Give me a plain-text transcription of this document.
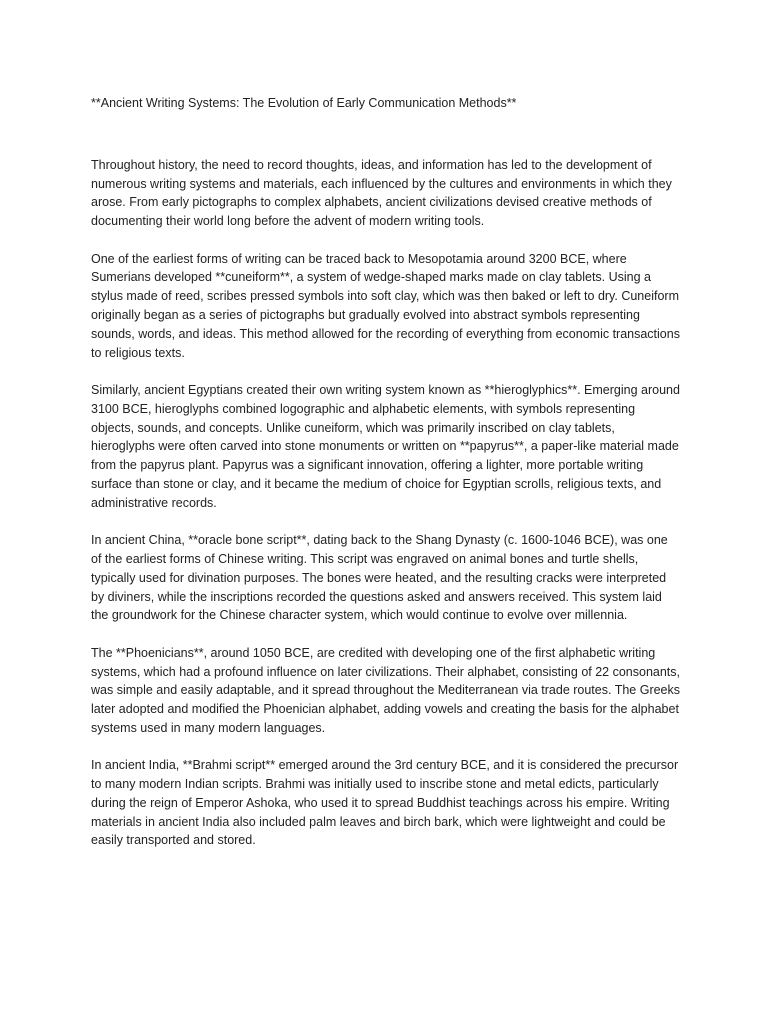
**Ancient Writing Systems: The Evolution of Early Communication Methods**

Throughout history, the need to record thoughts, ideas, and information has led to the development of numerous writing systems and materials, each influenced by the cultures and environments in which they arose. From early pictographs to complex alphabets, ancient civilizations devised creative methods of documenting their world long before the advent of modern writing tools.

One of the earliest forms of writing can be traced back to Mesopotamia around 3200 BCE, where Sumerians developed **cuneiform**, a system of wedge-shaped marks made on clay tablets. Using a stylus made of reed, scribes pressed symbols into soft clay, which was then baked or left to dry. Cuneiform originally began as a series of pictographs but gradually evolved into abstract symbols representing sounds, words, and ideas. This method allowed for the recording of everything from economic transactions to religious texts.

Similarly, ancient Egyptians created their own writing system known as **hieroglyphics**. Emerging around 3100 BCE, hieroglyphs combined logographic and alphabetic elements, with symbols representing objects, sounds, and concepts. Unlike cuneiform, which was primarily inscribed on clay tablets, hieroglyphs were often carved into stone monuments or written on **papyrus**, a paper-like material made from the papyrus plant. Papyrus was a significant innovation, offering a lighter, more portable writing surface than stone or clay, and it became the medium of choice for Egyptian scrolls, religious texts, and administrative records.

In ancient China, **oracle bone script**, dating back to the Shang Dynasty (c. 1600-1046 BCE), was one of the earliest forms of Chinese writing. This script was engraved on animal bones and turtle shells, typically used for divination purposes. The bones were heated, and the resulting cracks were interpreted by diviners, while the inscriptions recorded the questions asked and answers received. This system laid the groundwork for the Chinese character system, which would continue to evolve over millennia.

The **Phoenicians**, around 1050 BCE, are credited with developing one of the first alphabetic writing systems, which had a profound influence on later civilizations. Their alphabet, consisting of 22 consonants, was simple and easily adaptable, and it spread throughout the Mediterranean via trade routes. The Greeks later adopted and modified the Phoenician alphabet, adding vowels and creating the basis for the alphabet systems used in many modern languages.

In ancient India, **Brahmi script** emerged around the 3rd century BCE, and it is considered the precursor to many modern Indian scripts. Brahmi was initially used to inscribe stone and metal edicts, particularly during the reign of Emperor Ashoka, who used it to spread Buddhist teachings across his empire. Writing materials in ancient India also included palm leaves and birch bark, which were lightweight and could be easily transported and stored.
